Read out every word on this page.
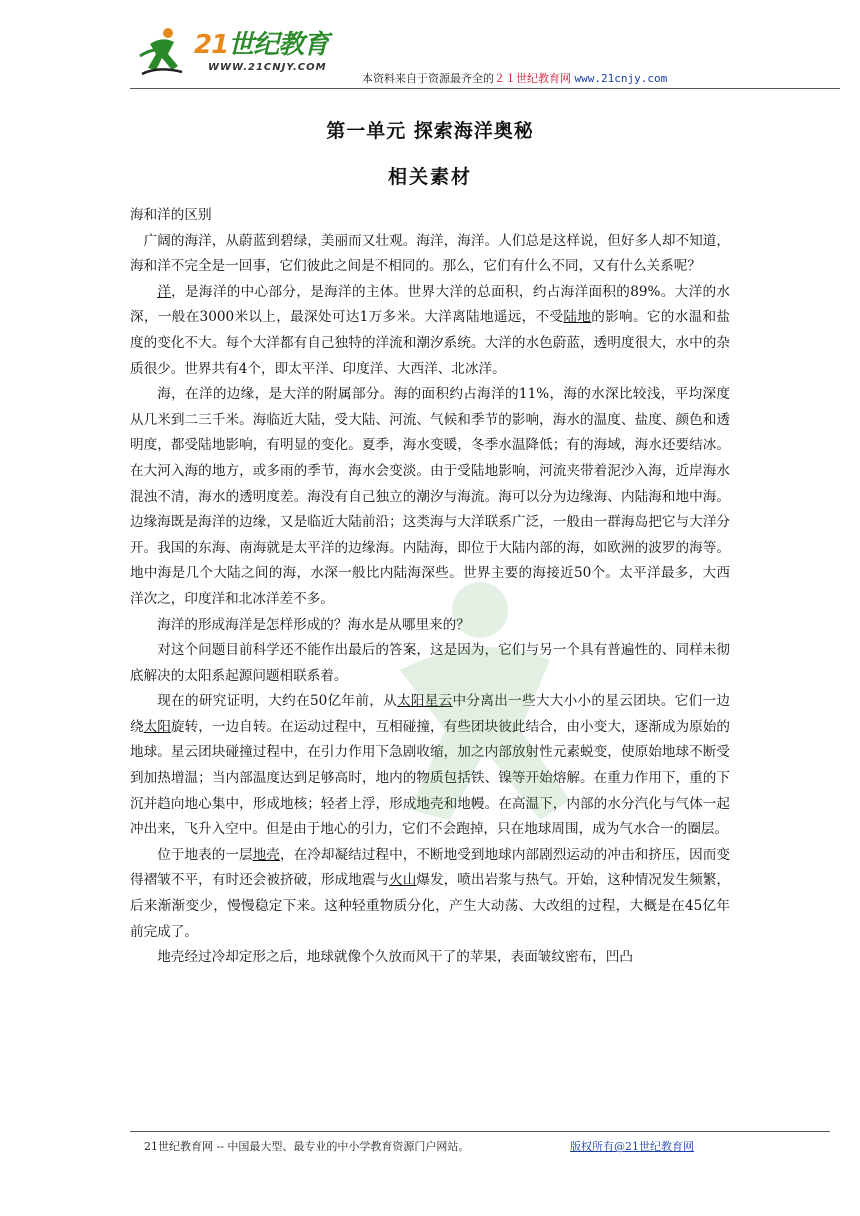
21世纪教育
WWW.21CNJY.COM
本资料来自于资源最齐全的２１世纪教育网 www.21cnjy.com
第一单元 探索海洋奥秘
相关素材

海和洋的区别

广阔的海洋，从蔚蓝到碧绿，美丽而又壮观。海洋，海洋。人们总是这样说，但好多人却不知道，海和洋不完全是一回事，它们彼此之间是不相同的。那么，它们有什么不同，又有什么关系呢？

洋，是海洋的中心部分，是海洋的主体。世界大洋的总面积，约占海洋面积的89%。大洋的水深，一般在3000米以上，最深处可达1万多米。大洋离陆地遥远，不受陆地的影响。它的水温和盐度的变化不大。每个大洋都有自己独特的洋流和潮汐系统。大洋的水色蔚蓝，透明度很大，水中的杂质很少。世界共有4个，即太平洋、印度洋、大西洋、北冰洋。

海，在洋的边缘，是大洋的附属部分。海的面积约占海洋的11%，海的水深比较浅，平均深度从几米到二三千米。海临近大陆，受大陆、河流、气候和季节的影响，海水的温度、盐度、颜色和透明度，都受陆地影响，有明显的变化。夏季，海水变暖，冬季水温降低；有的海域，海水还要结冰。在大河入海的地方，或多雨的季节，海水会变淡。由于受陆地影响，河流夹带着泥沙入海，近岸海水混浊不清，海水的透明度差。海没有自己独立的潮汐与海流。海可以分为边缘海、内陆海和地中海。边缘海既是海洋的边缘，又是临近大陆前沿；这类海与大洋联系广泛，一般由一群海岛把它与大洋分开。我国的东海、南海就是太平洋的边缘海。内陆海，即位于大陆内部的海，如欧洲的波罗的海等。地中海是几个大陆之间的海，水深一般比内陆海深些。世界主要的海接近50个。太平洋最多，大西洋次之，印度洋和北冰洋差不多。

海洋的形成海洋是怎样形成的？海水是从哪里来的？

对这个问题目前科学还不能作出最后的答案，这是因为，它们与另一个具有普遍性的、同样未彻底解决的太阳系起源问题相联系着。

现在的研究证明，大约在50亿年前，从太阳星云中分离出一些大大小小的星云团块。它们一边绕太阳旋转，一边自转。在运动过程中，互相碰撞，有些团块彼此结合，由小变大，逐渐成为原始的地球。星云团块碰撞过程中，在引力作用下急剧收缩，加之内部放射性元素蜕变，使原始地球不断受到加热增温；当内部温度达到足够高时，地内的物质包括铁、镍等开始熔解。在重力作用下，重的下沉并趋向地心集中，形成地核；轻者上浮，形成地壳和地幔。在高温下，内部的水分汽化与气体一起冲出来，飞升入空中。但是由于地心的引力，它们不会跑掉，只在地球周围，成为气水合一的圈层。

位于地表的一层地壳，在冷却凝结过程中，不断地受到地球内部剧烈运动的冲击和挤压，因而变得褶皱不平，有时还会被挤破，形成地震与火山爆发，喷出岩浆与热气。开始，这种情况发生频繁，后来渐渐变少，慢慢稳定下来。这种轻重物质分化，产生大动荡、大改组的过程，大概是在45亿年前完成了。

地壳经过冷却定形之后，地球就像个久放而风干了的苹果，表面皱纹密布，凹凸

21世纪教育网 -- 中国最大型、最专业的中小学教育资源门户网站。	版权所有@21世纪教育网
